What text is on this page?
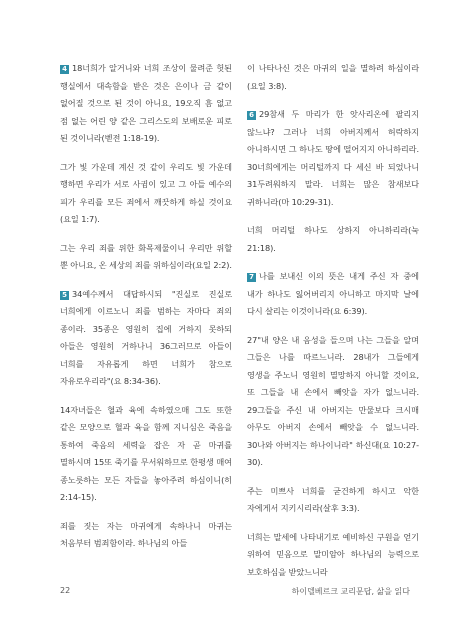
4 18너희가 알거니와 너희 조상이 물려준 헛된 행실에서 대속함을 받은 것은 은이나 금 같이 없어질 것으로 된 것이 아니요, 19오직 흠 없고 점 없는 어린 양 같은 그리스도의 보배로운 피로 된 것이니라(벧전 1:18-19).

그가 빛 가운데 계신 것 같이 우리도 빛 가운데 행하면 우리가 서로 사귐이 있고 그 아들 예수의 피가 우리를 모든 죄에서 깨끗하게 하실 것이요(요일 1:7).

그는 우리 죄를 위한 화목제물이니 우리만 위할 뿐 아니요, 온 세상의 죄를 위하심이라(요일 2:2).

5 34예수께서 대답하시되 "진실로 진실로 너희에게 이르노니 죄를 범하는 자마다 죄의 종이라. 35종은 영원히 집에 거하지 못하되 아들은 영원히 거하나니 36그러므로 아들이 너희를 자유롭게 하면 너희가 참으로 자유로우리라"(요 8:34-36).

14자녀들은 혈과 육에 속하였으매 그도 또한 같은 모양으로 혈과 육을 함께 지니심은 죽음을 통하여 죽음의 세력을 잡은 자 곧 마귀를 멸하시며 15또 죽기를 무서워하므로 한평생 매여 종노릇하는 모든 자들을 놓아주려 하심이니(히 2:14-15).

죄를 짓는 자는 마귀에게 속하나니 마귀는 처음부터 범죄함이라. 하나님의 아들

이 나타나신 것은 마귀의 일을 멸하려 하심이라(요일 3:8).

6 29참새 두 마리가 한 앗사리온에 팔리지 않느냐? 그러나 너희 아버지께서 허락하지 아니하시면 그 하나도 땅에 떨어지지 아니하리라. 30너희에게는 머리털까지 다 세신 바 되었나니 31두려워하지 말라. 너희는 많은 참새보다 귀하니라(마 10:29-31).

너희 머리털 하나도 상하지 아니하리라(눅 21:18).

7 나를 보내신 이의 뜻은 내게 주신 자 중에 내가 하나도 잃어버리지 아니하고 마지막 날에 다시 살리는 이것이니라(요 6:39).

27"내 양은 내 음성을 들으며 나는 그들을 알며 그들은 나를 따르느니라. 28내가 그들에게 영생을 주노니 영원히 멸망하지 아니할 것이요, 또 그들을 내 손에서 빼앗을 자가 없느니라. 29그들을 주신 내 아버지는 만물보다 크시매 아무도 아버지 손에서 빼앗을 수 없느니라. 30나와 아버지는 하나이니라" 하신대(요 10:27-30).

주는 미쁘사 너희를 굳건하게 하시고 악한 자에게서 지키시리라(살후 3:3).

너희는 말세에 나타내기로 예비하신 구원을 얻기 위하여 믿음으로 말미암아 하나님의 능력으로 보호하심을 받았느니라

22	하이델베르크 교리문답, 삶을 읽다
